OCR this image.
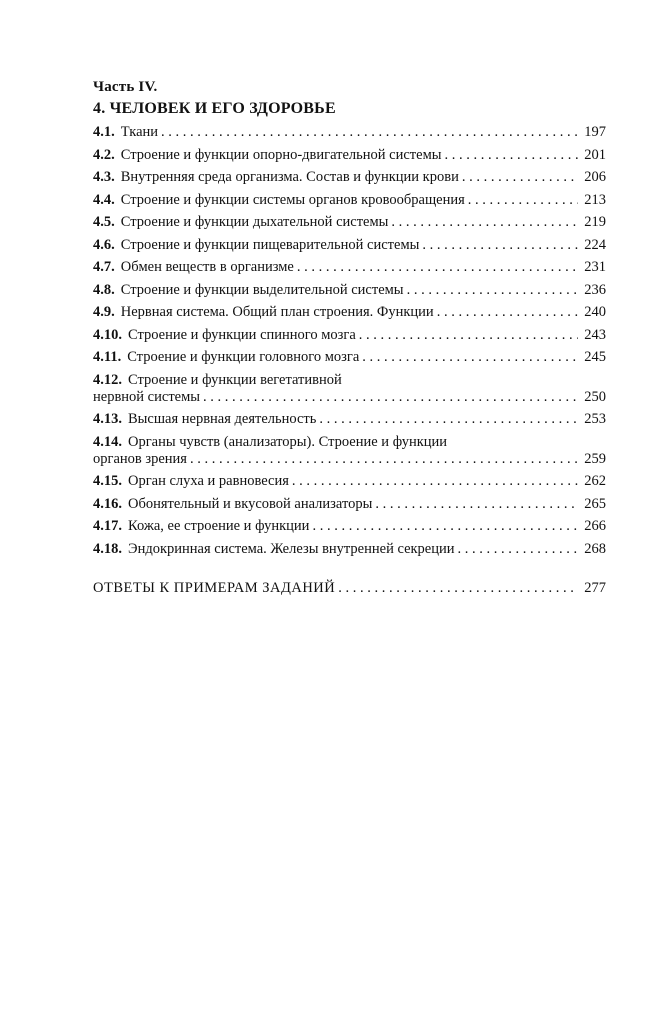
Часть IV.
4. ЧЕЛОВЕК И ЕГО ЗДОРОВЬЕ
4.1. Ткани . . .	197
4.2. Строение и функции опорно-двигательной системы . . .	201
4.3. Внутренняя среда организма. Состав и функции крови . . .	206
4.4. Строение и функции системы органов кровообращения . . .	213
4.5. Строение и функции дыхательной системы . . .	219
4.6. Строение и функции пищеварительной системы . . .	224
4.7. Обмен веществ в организме . . .	231
4.8. Строение и функции выделительной системы . . .	236
4.9. Нервная система. Общий план строения. Функции . . .	240
4.10. Строение и функции спинного мозга . . .	243
4.11. Строение и функции головного мозга . . .	245
4.12. Строение и функции вегетативной
нервной системы . . .	250
4.13. Высшая нервная деятельность . . .	253
4.14. Органы чувств (анализаторы). Строение и функции
органов зрения . . .	259
4.15. Орган слуха и равновесия . . .	262
4.16. Обонятельный и вкусовой анализаторы . . .	265
4.17. Кожа, ее строение и функции . . .	266
4.18. Эндокринная система. Железы внутренней секреции . . .	268
ОТВЕТЫ К ПРИМЕРАМ ЗАДАНИЙ . . .	277
